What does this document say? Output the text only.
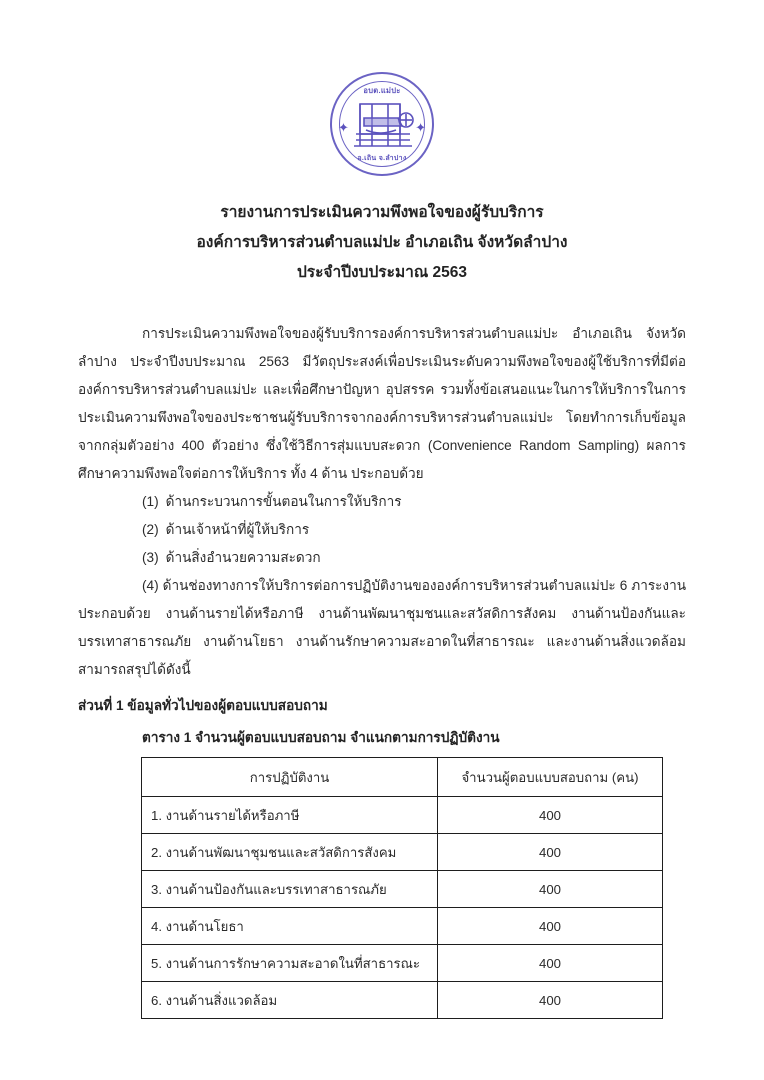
อบต.แม่ปะ
✦	✦
อ.เถิน จ.ลำปาง
รายงานการประเมินความพึงพอใจของผู้รับบริการ
องค์การบริหารส่วนตำบลแม่ปะ อำเภอเถิน จังหวัดลำปาง
ประจำปีงบประมาณ 2563

การประเมินความพึงพอใจของผู้รับบริการองค์การบริหารส่วนตำบลแม่ปะ อำเภอเถิน จังหวัดลำปาง ประจำปีงบประมาณ 2563 มีวัตถุประสงค์เพื่อประเมินระดับความพึงพอใจของผู้ใช้บริการที่มีต่อองค์การบริหารส่วนตำบลแม่ปะ และเพื่อศึกษาปัญหา อุปสรรค รวมทั้งข้อเสนอแนะในการให้บริการในการประเมินความพึงพอใจของประชาชนผู้รับบริการจากองค์การบริหารส่วนตำบลแม่ปะ โดยทำการเก็บข้อมูลจากกลุ่มตัวอย่าง 400 ตัวอย่าง ซึ่งใช้วิธีการสุ่มแบบสะดวก (Convenience Random Sampling) ผลการศึกษาความพึงพอใจต่อการให้บริการ ทั้ง 4 ด้าน ประกอบด้วย

(1) ด้านกระบวนการขั้นตอนในการให้บริการ
(2) ด้านเจ้าหน้าที่ผู้ให้บริการ
(3) ด้านสิ่งอำนวยความสะดวก

(4) ด้านช่องทางการให้บริการต่อการปฏิบัติงานขององค์การบริหารส่วนตำบลแม่ปะ 6 ภาระงาน ประกอบด้วย งานด้านรายได้หรือภาษี งานด้านพัฒนาชุมชนและสวัสดิการสังคม งานด้านป้องกันและบรรเทาสาธารณภัย งานด้านโยธา งานด้านรักษาความสะอาดในที่สาธารณะ และงานด้านสิ่งแวดล้อม สามารถสรุปได้ดังนี้

ส่วนที่ 1 ข้อมูลทั่วไปของผู้ตอบแบบสอบถาม
ตาราง 1 จำนวนผู้ตอบแบบสอบถาม จำแนกตามการปฏิบัติงาน
การปฏิบัติงาน	จำนวนผู้ตอบแบบสอบถาม (คน)
1. งานด้านรายได้หรือภาษี	400
2. งานด้านพัฒนาชุมชนและสวัสดิการสังคม	400
3. งานด้านป้องกันและบรรเทาสาธารณภัย	400
4. งานด้านโยธา	400
5. งานด้านการรักษาความสะอาดในที่สาธารณะ	400
6. งานด้านสิ่งแวดล้อม	400
